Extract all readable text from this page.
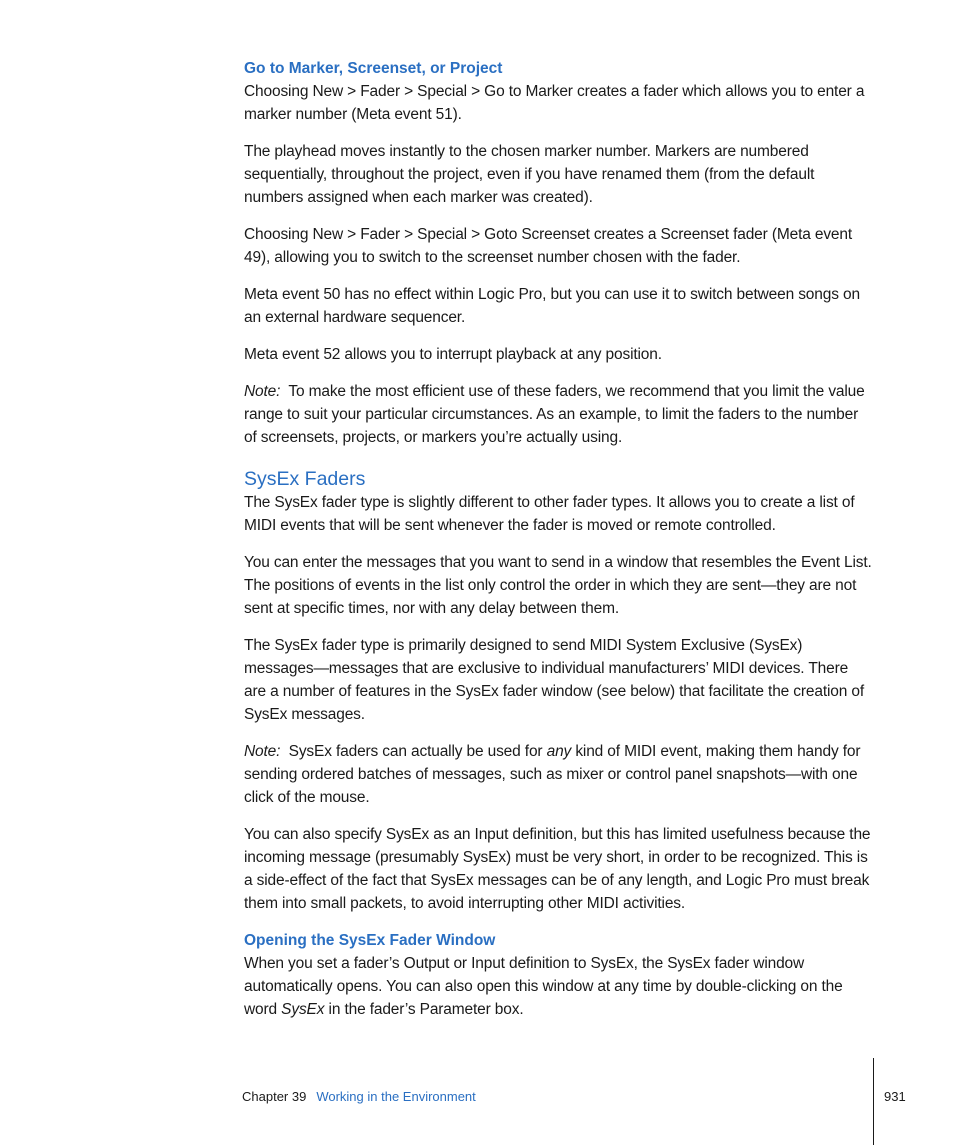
Go to Marker, Screenset, or Project

Choosing New > Fader > Special > Go to Marker creates a fader which allows you to enter a marker number (Meta event 51).

The playhead moves instantly to the chosen marker number. Markers are numbered sequentially, throughout the project, even if you have renamed them (from the default numbers assigned when each marker was created).

Choosing New > Fader > Special > Goto Screenset creates a Screenset fader (Meta event 49), allowing you to switch to the screenset number chosen with the fader.

Meta event 50 has no effect within Logic Pro, but you can use it to switch between songs on an external hardware sequencer.

Meta event 52 allows you to interrupt playback at any position.

Note: To make the most efficient use of these faders, we recommend that you limit the value range to suit your particular circumstances. As an example, to limit the faders to the number of screensets, projects, or markers you’re actually using.

SysEx Faders

The SysEx fader type is slightly different to other fader types. It allows you to create a list of MIDI events that will be sent whenever the fader is moved or remote controlled.

You can enter the messages that you want to send in a window that resembles the Event List. The positions of events in the list only control the order in which they are sent—they are not sent at specific times, nor with any delay between them.

The SysEx fader type is primarily designed to send MIDI System Exclusive (SysEx) messages—messages that are exclusive to individual manufacturers’ MIDI devices. There are a number of features in the SysEx fader window (see below) that facilitate the creation of SysEx messages.

Note: SysEx faders can actually be used for any kind of MIDI event, making them handy for sending ordered batches of messages, such as mixer or control panel snapshots—with one click of the mouse.

You can also specify SysEx as an Input definition, but this has limited usefulness because the incoming message (presumably SysEx) must be very short, in order to be recognized. This is a side-effect of the fact that SysEx messages can be of any length, and Logic Pro must break them into small packets, to avoid interrupting other MIDI activities.

Opening the SysEx Fader Window

When you set a fader’s Output or Input definition to SysEx, the SysEx fader window automatically opens. You can also open this window at any time by double-clicking on the word SysEx in the fader’s Parameter box.

Chapter 39 Working in the Environment	931
